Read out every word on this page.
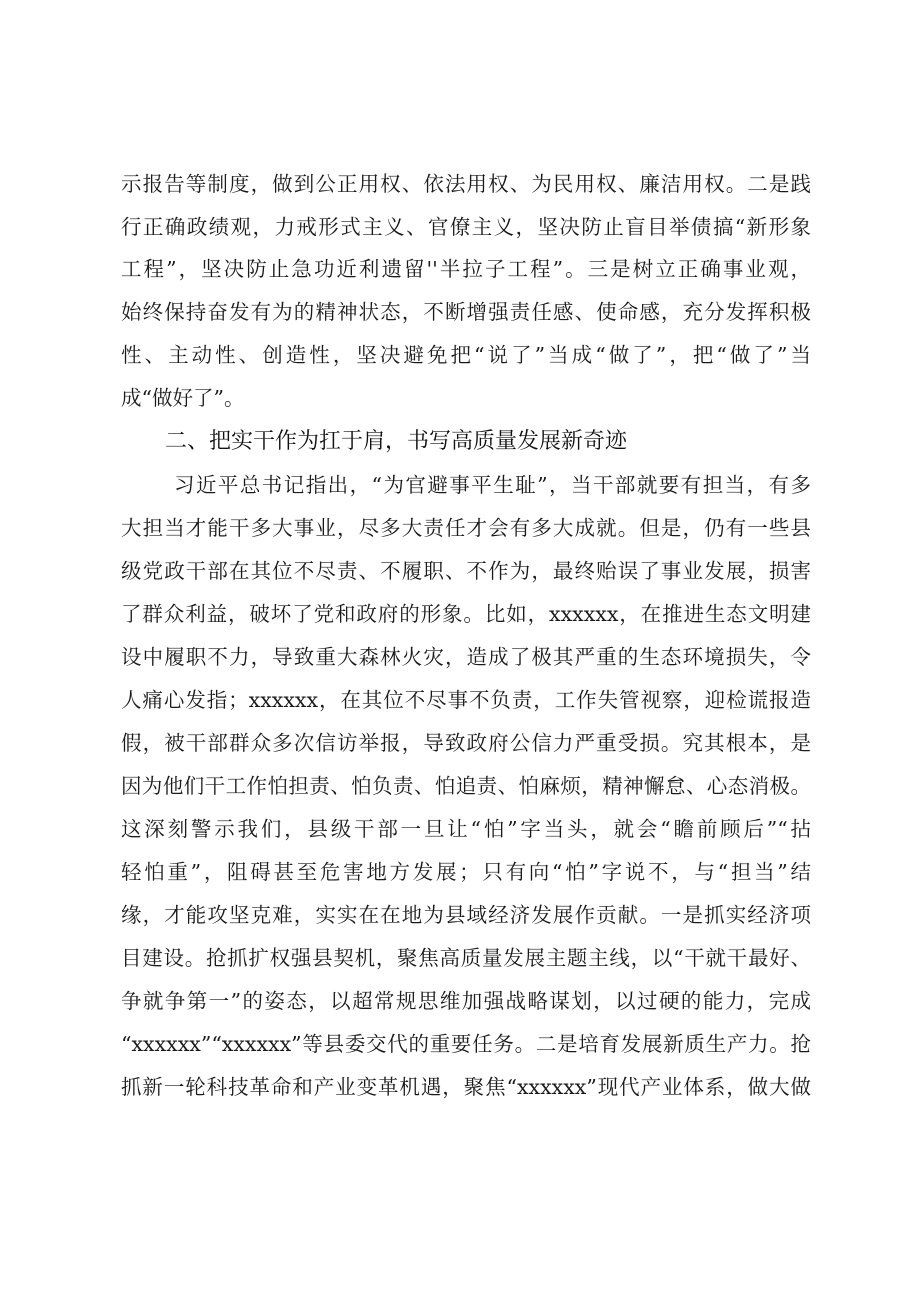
示报告等制度，做到公正用权、依法用权、为民用权、廉洁用权。二是践
行正确政绩观，力戒形式主义、官僚主义，坚决防止盲目举债搞“新形象
工程”，坚决防止急功近利遗留''半拉子工程”。三是树立正确事业观，
始终保持奋发有为的精神状态，不断增强责任感、使命感，充分发挥积极
性、主动性、创造性，坚决避免把“说了”当成“做了”，把“做了”当
成“做好了”。
二、把实干作为扛于肩，书写高质量发展新奇迹
习近平总书记指出，“为官避事平生耻”，当干部就要有担当，有多
大担当才能干多大事业，尽多大责任才会有多大成就。但是，仍有一些县
级党政干部在其位不尽责、不履职、不作为，最终贻误了事业发展，损害
了群众利益，破坏了党和政府的形象。比如，xxxxxx，在推进生态文明建
设中履职不力，导致重大森林火灾，造成了极其严重的生态环境损失，令
人痛心发指；xxxxxx，在其位不尽事不负责，工作失管视察，迎检谎报造
假，被干部群众多次信访举报，导致政府公信力严重受损。究其根本，是
因为他们干工作怕担责、怕负责、怕追责、怕麻烦，精神懈怠、心态消极。
这深刻警示我们，县级干部一旦让“怕”字当头，就会“瞻前顾后”“拈
轻怕重”，阻碍甚至危害地方发展；只有向“怕”字说不，与“担当”结
缘，才能攻坚克难，实实在在地为县域经济发展作贡献。一是抓实经济项
目建设。抢抓扩权强县契机，聚焦高质量发展主题主线，以“干就干最好、
争就争第一”的姿态，以超常规思维加强战略谋划，以过硬的能力，完成
“xxxxxx”“xxxxxx”等县委交代的重要任务。二是培育发展新质生产力。抢
抓新一轮科技革命和产业变革机遇，聚焦“xxxxxx”现代产业体系，做大做
